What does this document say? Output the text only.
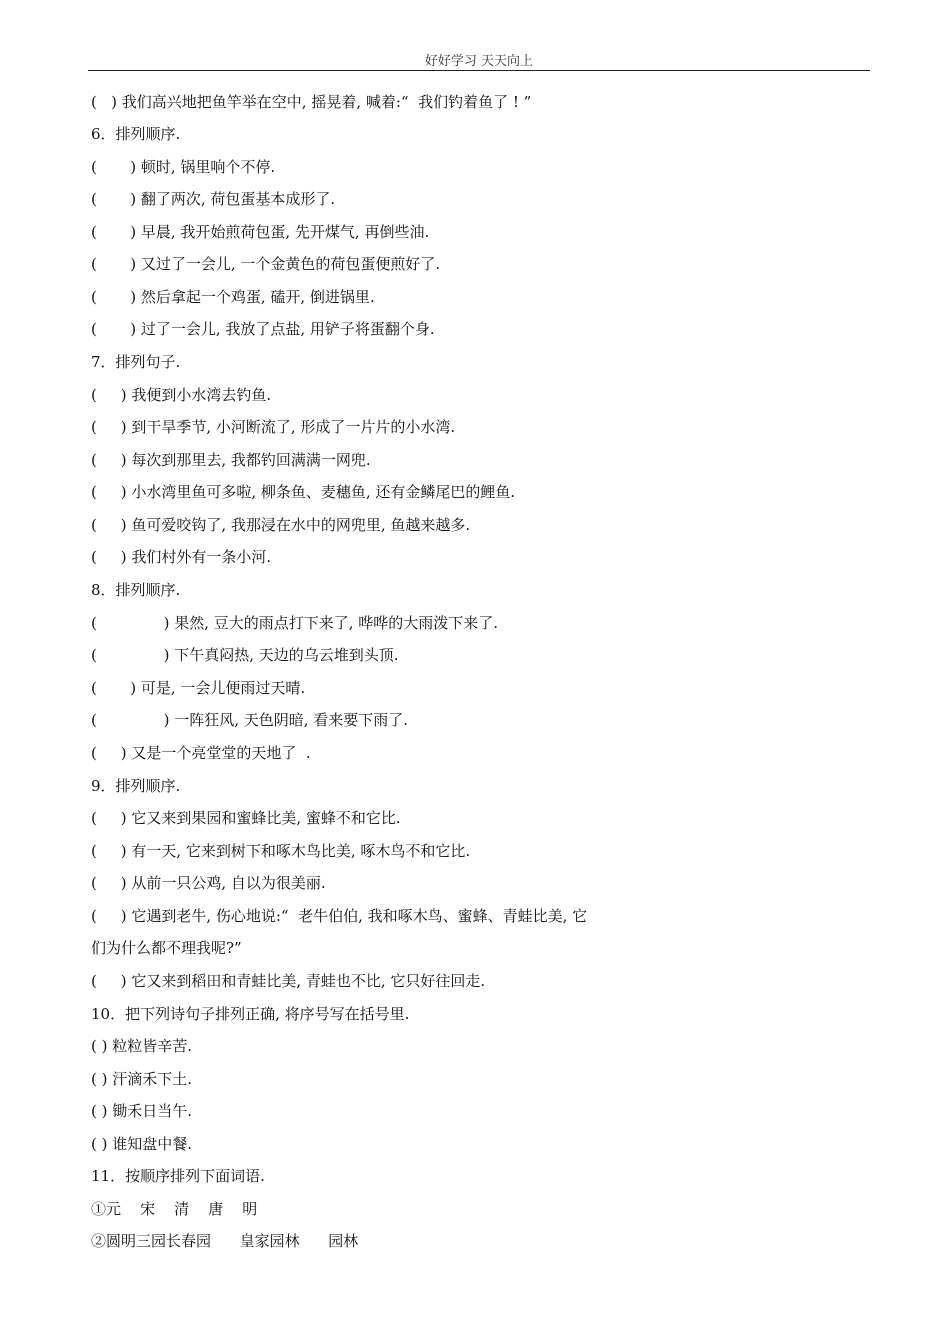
好好学习 天天向上
(   ) 我们高兴地把鱼竿举在空中, 摇晃着, 喊着:“  我们钓着鱼了 ! ”
6．排列顺序.
(       ) 顿时, 锅里响个不停.
(       ) 翻了两次, 荷包蛋基本成形了.
(       ) 早晨, 我开始煎荷包蛋, 先开煤气, 再倒些油.
(       ) 又过了一会儿, 一个金黄色的荷包蛋便煎好了.
(       ) 然后拿起一个鸡蛋, 磕开, 倒进锅里.
(       ) 过了一会儿, 我放了点盐, 用铲子将蛋翻个身.
7．排列句子.
(     ) 我便到小水湾去钓鱼.
(     ) 到干旱季节, 小河断流了, 形成了一片片的小水湾.
(     ) 每次到那里去, 我都钓回满满一网兜.
(     ) 小水湾里鱼可多啦, 柳条鱼、麦穗鱼, 还有金鳞尾巴的鲤鱼.
(     ) 鱼可爱咬钩了, 我那浸在水中的网兜里, 鱼越来越多.
(     ) 我们村外有一条小河.
8．排列顺序.
(              ) 果然, 豆大的雨点打下来了, 哗哗的大雨泼下来了.
(              ) 下午真闷热, 天边的乌云堆到头顶.
(       ) 可是, 一会儿便雨过天晴.
(              ) 一阵狂风, 天色阴暗, 看来要下雨了.
(     ) 又是一个亮堂堂的天地了  .
9．排列顺序.
(     ) 它又来到果园和蜜蜂比美, 蜜蜂不和它比.
(     ) 有一天, 它来到树下和啄木鸟比美, 啄木鸟不和它比.
(     ) 从前一只公鸡, 自以为很美丽.
(     ) 它遇到老牛, 伤心地说:“  老牛伯伯, 我和啄木鸟、蜜蜂、青蛙比美, 它
们为什么都不理我呢?”
(     ) 它又来到稻田和青蛙比美, 青蛙也不比, 它只好往回走.
10．把下列诗句子排列正确, 将序号写在括号里.
( ) 粒粒皆辛苦.
( ) 汗滴禾下土.
( ) 锄禾日当午.
( ) 谁知盘中餐.
11．按顺序排列下面词语.
①元    宋    清    唐    明
②圆明三园长春园      皇家园林      园林
